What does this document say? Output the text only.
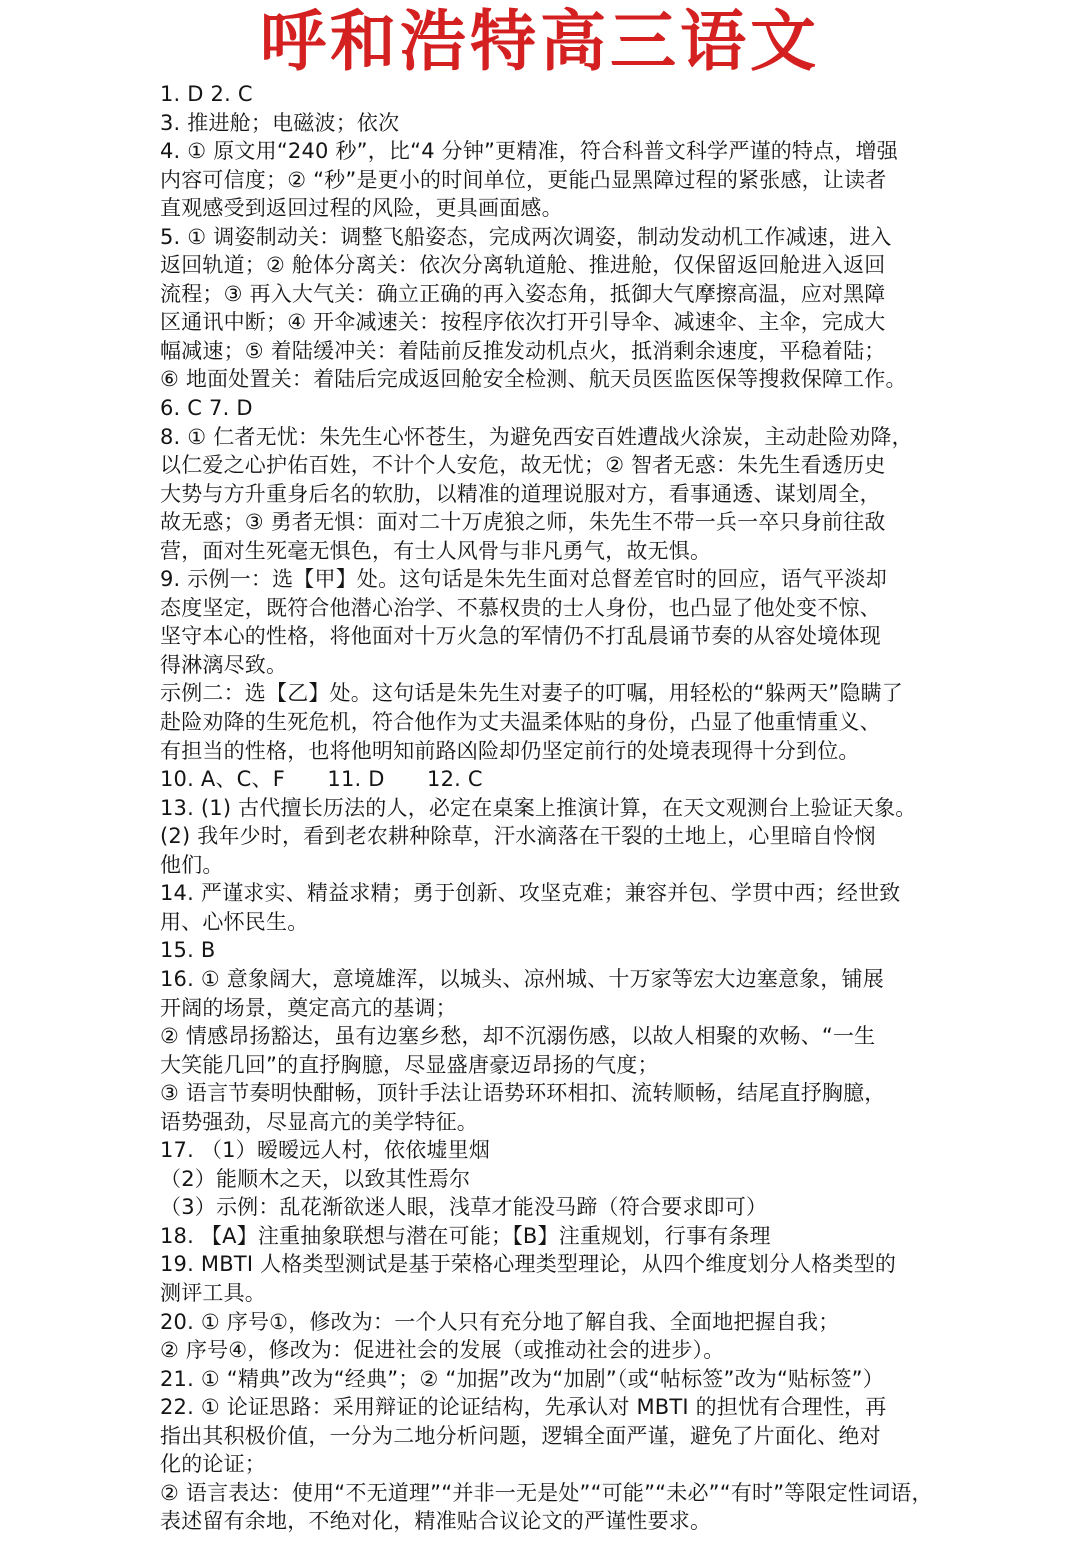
呼和浩特高三语文
1. D 2. C
3. 推进舱；电磁波；依次
4. ① 原文用“240 秒”，比“4 分钟”更精准，符合科普文科学严谨的特点，增强
内容可信度；② “秒”是更小的时间单位，更能凸显黑障过程的紧张感，让读者
直观感受到返回过程的风险，更具画面感。
5. ① 调姿制动关：调整飞船姿态，完成两次调姿，制动发动机工作减速，进入
返回轨道；② 舱体分离关：依次分离轨道舱、推进舱，仅保留返回舱进入返回
流程；③ 再入大气关：确立正确的再入姿态角，抵御大气摩擦高温，应对黑障
区通讯中断；④ 开伞减速关：按程序依次打开引导伞、减速伞、主伞，完成大
幅减速；⑤ 着陆缓冲关：着陆前反推发动机点火，抵消剩余速度，平稳着陆；
⑥ 地面处置关：着陆后完成返回舱安全检测、航天员医监医保等搜救保障工作。
6. C 7. D
8. ① 仁者无忧：朱先生心怀苍生，为避免西安百姓遭战火涂炭，主动赴险劝降，
以仁爱之心护佑百姓，不计个人安危，故无忧；② 智者无惑：朱先生看透历史
大势与方升重身后名的软肋，以精准的道理说服对方，看事通透、谋划周全，
故无惑；③ 勇者无惧：面对二十万虎狼之师，朱先生不带一兵一卒只身前往敌
营，面对生死毫无惧色，有士人风骨与非凡勇气，故无惧。
9. 示例一：选【甲】处。这句话是朱先生面对总督差官时的回应，语气平淡却
态度坚定，既符合他潜心治学、不慕权贵的士人身份，也凸显了他处变不惊、
坚守本心的性格，将他面对十万火急的军情仍不打乱晨诵节奏的从容处境体现
得淋漓尽致。
示例二：选【乙】处。这句话是朱先生对妻子的叮嘱，用轻松的“躲两天”隐瞒了
赴险劝降的生死危机，符合他作为丈夫温柔体贴的身份，凸显了他重情重义、
有担当的性格，也将他明知前路凶险却仍坚定前行的处境表现得十分到位。
10. A、C、F　　11. D　　12. C
13. (1) 古代擅长历法的人，必定在桌案上推演计算，在天文观测台上验证天象。
(2) 我年少时，看到老农耕种除草，汗水滴落在干裂的土地上，心里暗自怜悯
他们。
14. 严谨求实、精益求精；勇于创新、攻坚克难；兼容并包、学贯中西；经世致
用、心怀民生。
15. B
16. ① 意象阔大，意境雄浑，以城头、凉州城、十万家等宏大边塞意象，铺展
开阔的场景，奠定高亢的基调；
② 情感昂扬豁达，虽有边塞乡愁，却不沉溺伤感，以故人相聚的欢畅、“一生
大笑能几回”的直抒胸臆，尽显盛唐豪迈昂扬的气度；
③ 语言节奏明快酣畅，顶针手法让语势环环相扣、流转顺畅，结尾直抒胸臆，
语势强劲，尽显高亢的美学特征。
17. （1）暧暧远人村，依依墟里烟
（2）能顺木之天，以致其性焉尔
（3）示例：乱花渐欲迷人眼，浅草才能没马蹄（符合要求即可）
18. 【A】注重抽象联想与潜在可能；【B】注重规划，行事有条理
19. MBTI 人格类型测试是基于荣格心理类型理论，从四个维度划分人格类型的
测评工具。
20. ① 序号①，修改为：一个人只有充分地了解自我、全面地把握自我；
② 序号④，修改为：促进社会的发展（或推动社会的进步）。
21. ① “精典”改为“经典”；② “加据”改为“加剧”（或“帖标签”改为“贴标签”）
22. ① 论证思路：采用辩证的论证结构，先承认对 MBTI 的担忧有合理性，再
指出其积极价值，一分为二地分析问题，逻辑全面严谨，避免了片面化、绝对
化的论证；
② 语言表达：使用“不无道理”“并非一无是处”“可能”“未必”“有时”等限定性词语，
表述留有余地，不绝对化，精准贴合议论文的严谨性要求。
